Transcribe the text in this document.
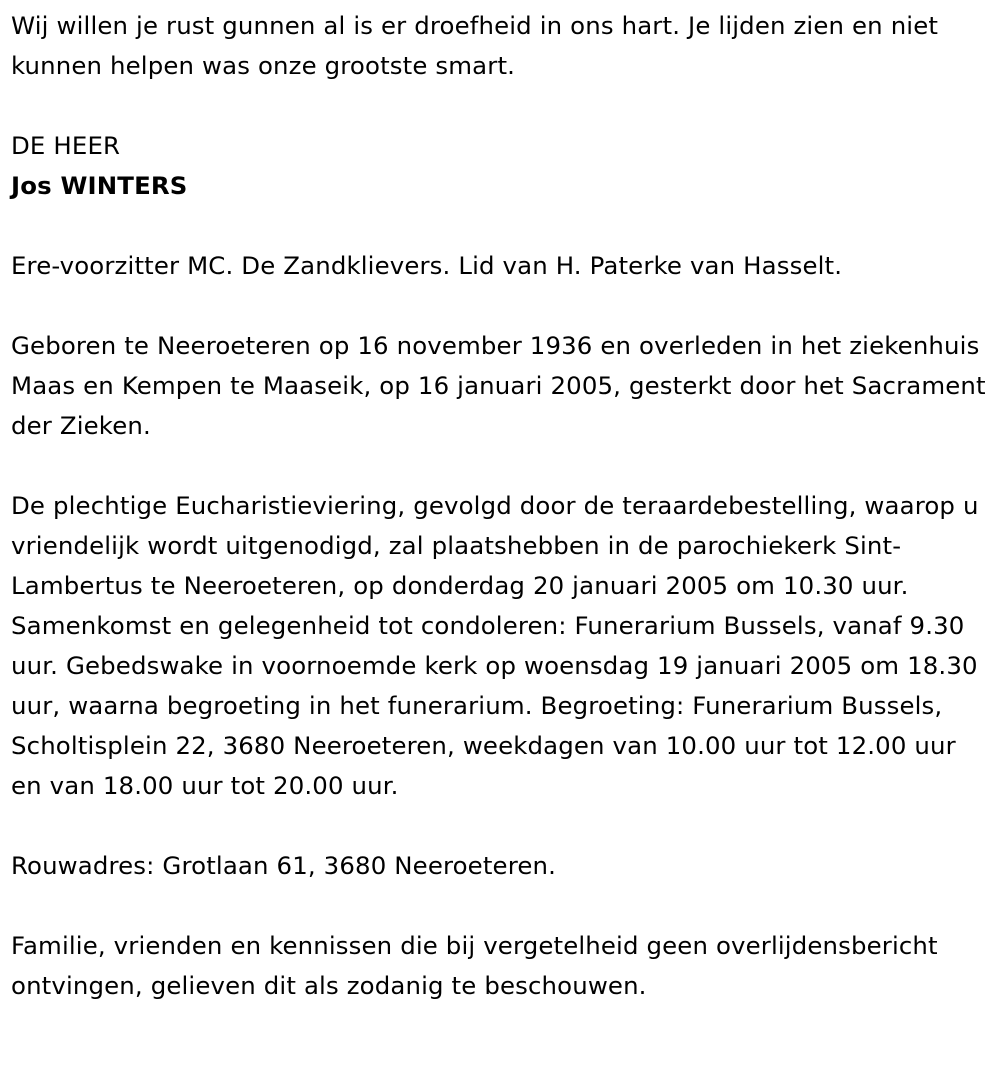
Wij willen je rust gunnen al is er droefheid in ons hart. Je lijden zien en niet kunnen helpen was onze grootste smart.

DE HEER

Jos WINTERS

Ere-voorzitter MC. De Zandklievers. Lid van H. Paterke van Hasselt.

Geboren te Neeroeteren op 16 november 1936 en overleden in het ziekenhuis Maas en Kempen te Maaseik, op 16 januari 2005, gesterkt door het Sacrament der Zieken.

De plechtige Eucharistieviering, gevolgd door de teraardebestelling, waarop u vriendelijk wordt uitgenodigd, zal plaatshebben in de parochiekerk Sint-Lambertus te Neeroeteren, op donderdag 20 januari 2005 om 10.30 uur. Samenkomst en gelegenheid tot condoleren: Funerarium Bussels, vanaf 9.30 uur. Gebedswake in voornoemde kerk op woensdag 19 januari 2005 om 18.30 uur, waarna begroeting in het funerarium. Begroeting: Funerarium Bussels, Scholtisplein 22, 3680 Neeroeteren, weekdagen van 10.00 uur tot 12.00 uur en van 18.00 uur tot 20.00 uur.

Rouwadres: Grotlaan 61, 3680 Neeroeteren.

Familie, vrienden en kennissen die bij vergetelheid geen overlijdensbericht ontvingen, gelieven dit als zodanig te beschouwen.
